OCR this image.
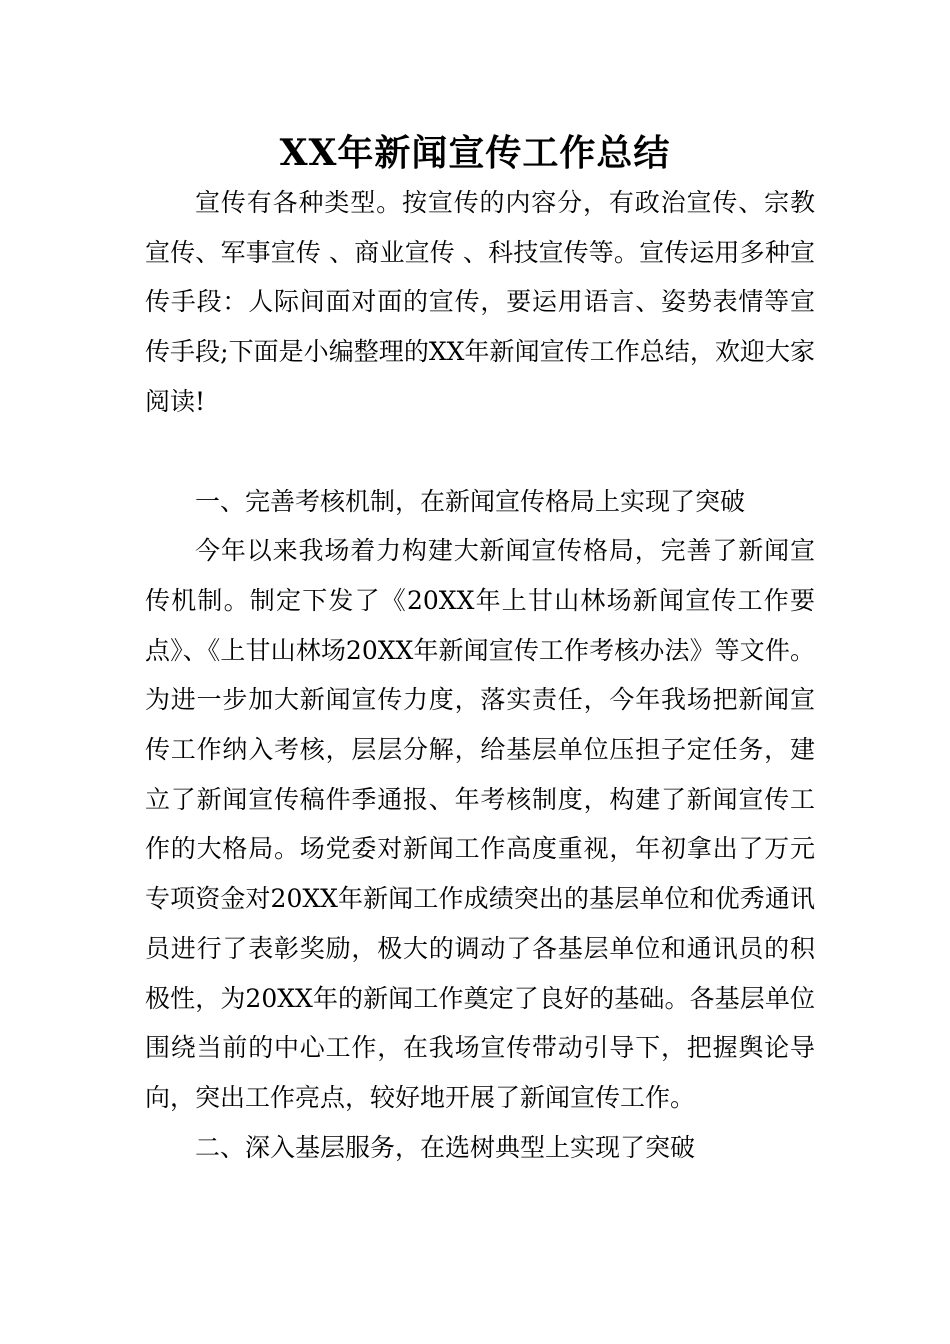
XX年新闻宣传工作总结

宣传有各种类型。按宣传的内容分，有政治宣传、宗教宣传、军事宣传 、商业宣传 、科技宣传等。宣传运用多种宣传手段：人际间面对面的宣传，要运用语言、姿势表情等宣传手段;下面是小编整理的XX年新闻宣传工作总结，欢迎大家阅读!

一、完善考核机制，在新闻宣传格局上实现了突破

今年以来我场着力构建大新闻宣传格局，完善了新闻宣传机制。制定下发了《20XX年上甘山林场新闻宣传工作要点》、《上甘山林场20XX年新闻宣传工作考核办法》等文件。为进一步加大新闻宣传力度，落实责任，今年我场把新闻宣传工作纳入考核，层层分解，给基层单位压担子定任务，建立了新闻宣传稿件季通报、年考核制度，构建了新闻宣传工作的大格局。场党委对新闻工作高度重视，年初拿出了万元专项资金对20XX年新闻工作成绩突出的基层单位和优秀通讯员进行了表彰奖励，极大的调动了各基层单位和通讯员的积极性，为20XX年的新闻工作奠定了良好的基础。各基层单位围绕当前的中心工作，在我场宣传带动引导下，把握舆论导向，突出工作亮点，较好地开展了新闻宣传工作。

二、深入基层服务，在选树典型上实现了突破
